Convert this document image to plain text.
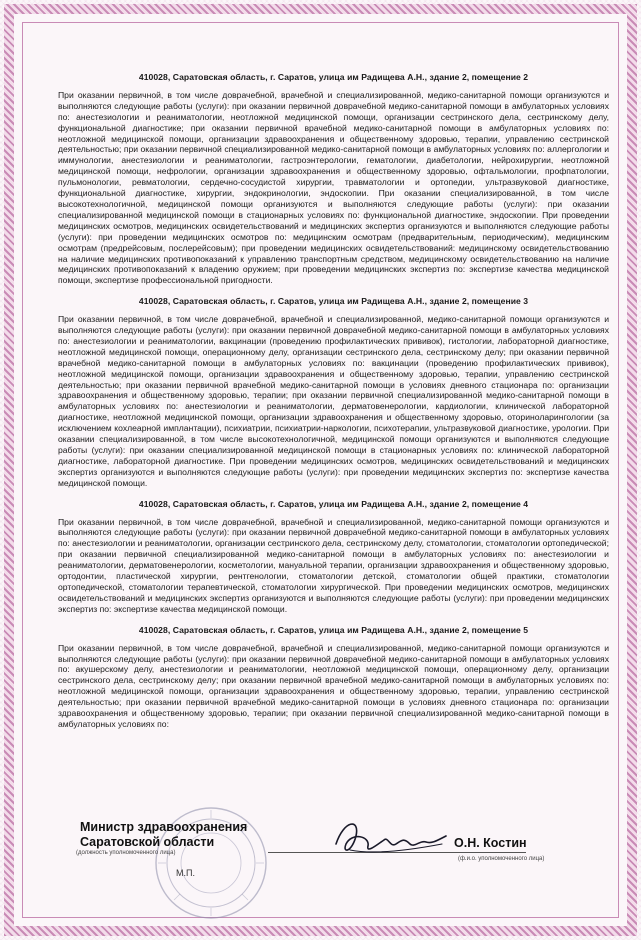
410028, Саратовская область, г. Саратов, улица им Радищева А.Н., здание 2, помещение 2
При оказании первичной, в том числе доврачебной, врачебной и специализированной, медико-санитарной помощи организуются и выполняются следующие работы (услуги): при оказании первичной доврачебной медико-санитарной помощи в амбулаторных условиях по: анестезиологии и реаниматологии, неотложной медицинской помощи, организации сестринского дела, сестринскому делу, функциональной диагностике; при оказании первичной врачебной медико-санитарной помощи в амбулаторных условиях по: неотложной медицинской помощи, организации здравоохранения и общественному здоровью, терапии, управлению сестринской деятельностью; при оказании первичной специализированной медико-санитарной помощи в амбулаторных условиях по: аллергологии и иммунологии, анестезиологии и реаниматологии, гастроэнтерологии, гематологии, диабетологии, нейрохирургии, неотложной медицинской помощи, нефрологии, организации здравоохранения и общественному здоровью, офтальмологии, профпатологии, пульмонологии, ревматологии, сердечно-сосудистой хирургии, травматологии и ортопедии, ультразвуковой диагностике, функциональной диагностике, хирургии, эндокринологии, эндоскопии. При оказании специализированной, в том числе высокотехнологичной, медицинской помощи организуются и выполняются следующие работы (услуги): при оказании специализированной медицинской помощи в стационарных условиях по: функциональной диагностике, эндоскопии. При проведении медицинских осмотров, медицинских освидетельствований и медицинских экспертиз организуются и выполняются следующие работы (услуги): при проведении медицинских осмотров по: медицинским осмотрам (предварительным, периодическим), медицинским осмотрам (предрейсовым, послерейсовым); при проведении медицинских освидетельствований: медицинскому освидетельствованию на наличие медицинских противопоказаний к управлению транспортным средством, медицинскому освидетельствованию на наличие медицинских противопоказаний к владению оружием; при проведении медицинских экспертиз по: экспертизе качества медицинской помощи, экспертизе профессиональной пригодности.
410028, Саратовская область, г. Саратов, улица им Радищева А.Н., здание 2, помещение 3
При оказании первичной, в том числе доврачебной, врачебной и специализированной, медико-санитарной помощи организуются и выполняются следующие работы (услуги): при оказании первичной доврачебной медико-санитарной помощи в амбулаторных условиях по: анестезиологии и реаниматологии, вакцинации (проведению профилактических прививок), гистологии, лабораторной диагностике, неотложной медицинской помощи, операционному делу, организации сестринского дела, сестринскому делу; при оказании первичной врачебной медико-санитарной помощи в амбулаторных условиях по: вакцинации (проведению профилактических прививок), неотложной медицинской помощи, организации здравоохранения и общественному здоровью, терапии, управлению сестринской деятельностью; при оказании первичной врачебной медико-санитарной помощи в условиях дневного стационара по: организации здравоохранения и общественному здоровью, терапии; при оказании первичной специализированной медико-санитарной помощи в амбулаторных условиях по: анестезиологии и реаниматологии, дерматовенерологии, кардиологии, клинической лабораторной диагностике, неотложной медицинской помощи, организации здравоохранения и общественному здоровью, оториноларингологии (за исключением кохлеарной имплантации), психиатрии, психиатрии-наркологии, психотерапии, ультразвуковой диагностике, урологии. При оказании специализированной, в том числе высокотехнологичной, медицинской помощи организуются и выполняются следующие работы (услуги): при оказании специализированной медицинской помощи в стационарных условиях по: клинической лабораторной диагностике, лабораторной диагностике. При проведении медицинских осмотров, медицинских освидетельствований и медицинских экспертиз организуются и выполняются следующие работы (услуги): при проведении медицинских экспертиз по: экспертизе качества медицинской помощи.
410028, Саратовская область, г. Саратов, улица им Радищева А.Н., здание 2, помещение 4
При оказании первичной, в том числе доврачебной, врачебной и специализированной, медико-санитарной помощи организуются и выполняются следующие работы (услуги): при оказании первичной доврачебной медико-санитарной помощи в амбулаторных условиях по: анестезиологии и реаниматологии, организации сестринского дела, сестринскому делу, стоматологии, стоматологии ортопедической; при оказании первичной специализированной медико-санитарной помощи в амбулаторных условиях по: анестезиологии и реаниматологии, дерматовенерологии, косметологии, мануальной терапии, организации здравоохранения и общественному здоровью, ортодонтии, пластической хирургии, рентгенологии, стоматологии детской, стоматологии общей практики, стоматологии ортопедической, стоматологии терапевтической, стоматологии хирургической. При проведении медицинских осмотров, медицинских освидетельствований и медицинских экспертиз организуются и выполняются следующие работы (услуги): при проведении медицинских экспертиз по: экспертизе качества медицинской помощи.
410028, Саратовская область, г. Саратов, улица им Радищева А.Н., здание 2, помещение 5
При оказании первичной, в том числе доврачебной, врачебной и специализированной, медико-санитарной помощи организуются и выполняются следующие работы (услуги): при оказании первичной доврачебной медико-санитарной помощи в амбулаторных условиях по: акушерскому делу, анестезиологии и реаниматологии, неотложной медицинской помощи, операционному делу, организации сестринского дела, сестринскому делу; при оказании первичной врачебной медико-санитарной помощи в амбулаторных условиях по: неотложной медицинской помощи, организации здравоохранения и общественному здоровью, терапии, управлению сестринской деятельностью; при оказании первичной врачебной медико-санитарной помощи в условиях дневного стационара по: организации здравоохранения и общественному здоровью, терапии; при оказании первичной специализированной медико-санитарной помощи в амбулаторных условиях по:
Министр здравоохранения
Саратовской области
(должность уполномоченного лица)
М.П.
О.Н. Костин
(ф.и.о. уполномоченного лица)
